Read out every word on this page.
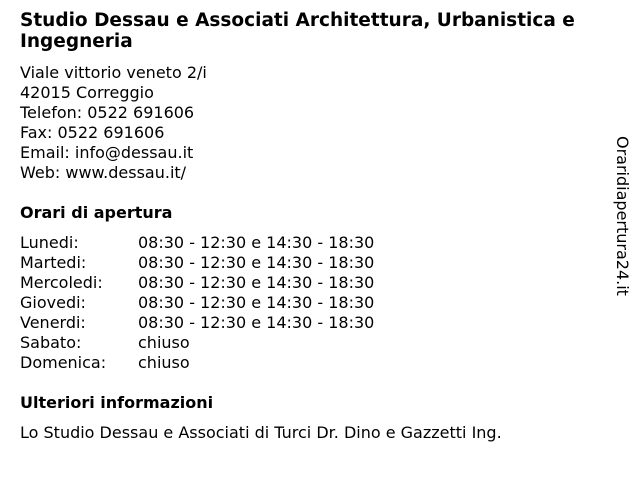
Studio Dessau e Associati Architettura, Urbanistica e Ingegneria
Viale vittorio veneto 2/i
42015 Correggio
Telefon: 0522 691606
Fax: 0522 691606
Email: info@dessau.it
Web: www.dessau.it/
Orari di apertura
Lunedi:	08:30 - 12:30 e 14:30 - 18:30
Martedi:	08:30 - 12:30 e 14:30 - 18:30
Mercoledi:	08:30 - 12:30 e 14:30 - 18:30
Giovedi:	08:30 - 12:30 e 14:30 - 18:30
Venerdi:	08:30 - 12:30 e 14:30 - 18:30
Sabato:	chiuso
Domenica:	chiuso
Ulteriori informazioni
Lo Studio Dessau e Associati di Turci Dr. Dino e Gazzetti Ing.
Oraridiapertura24.it
